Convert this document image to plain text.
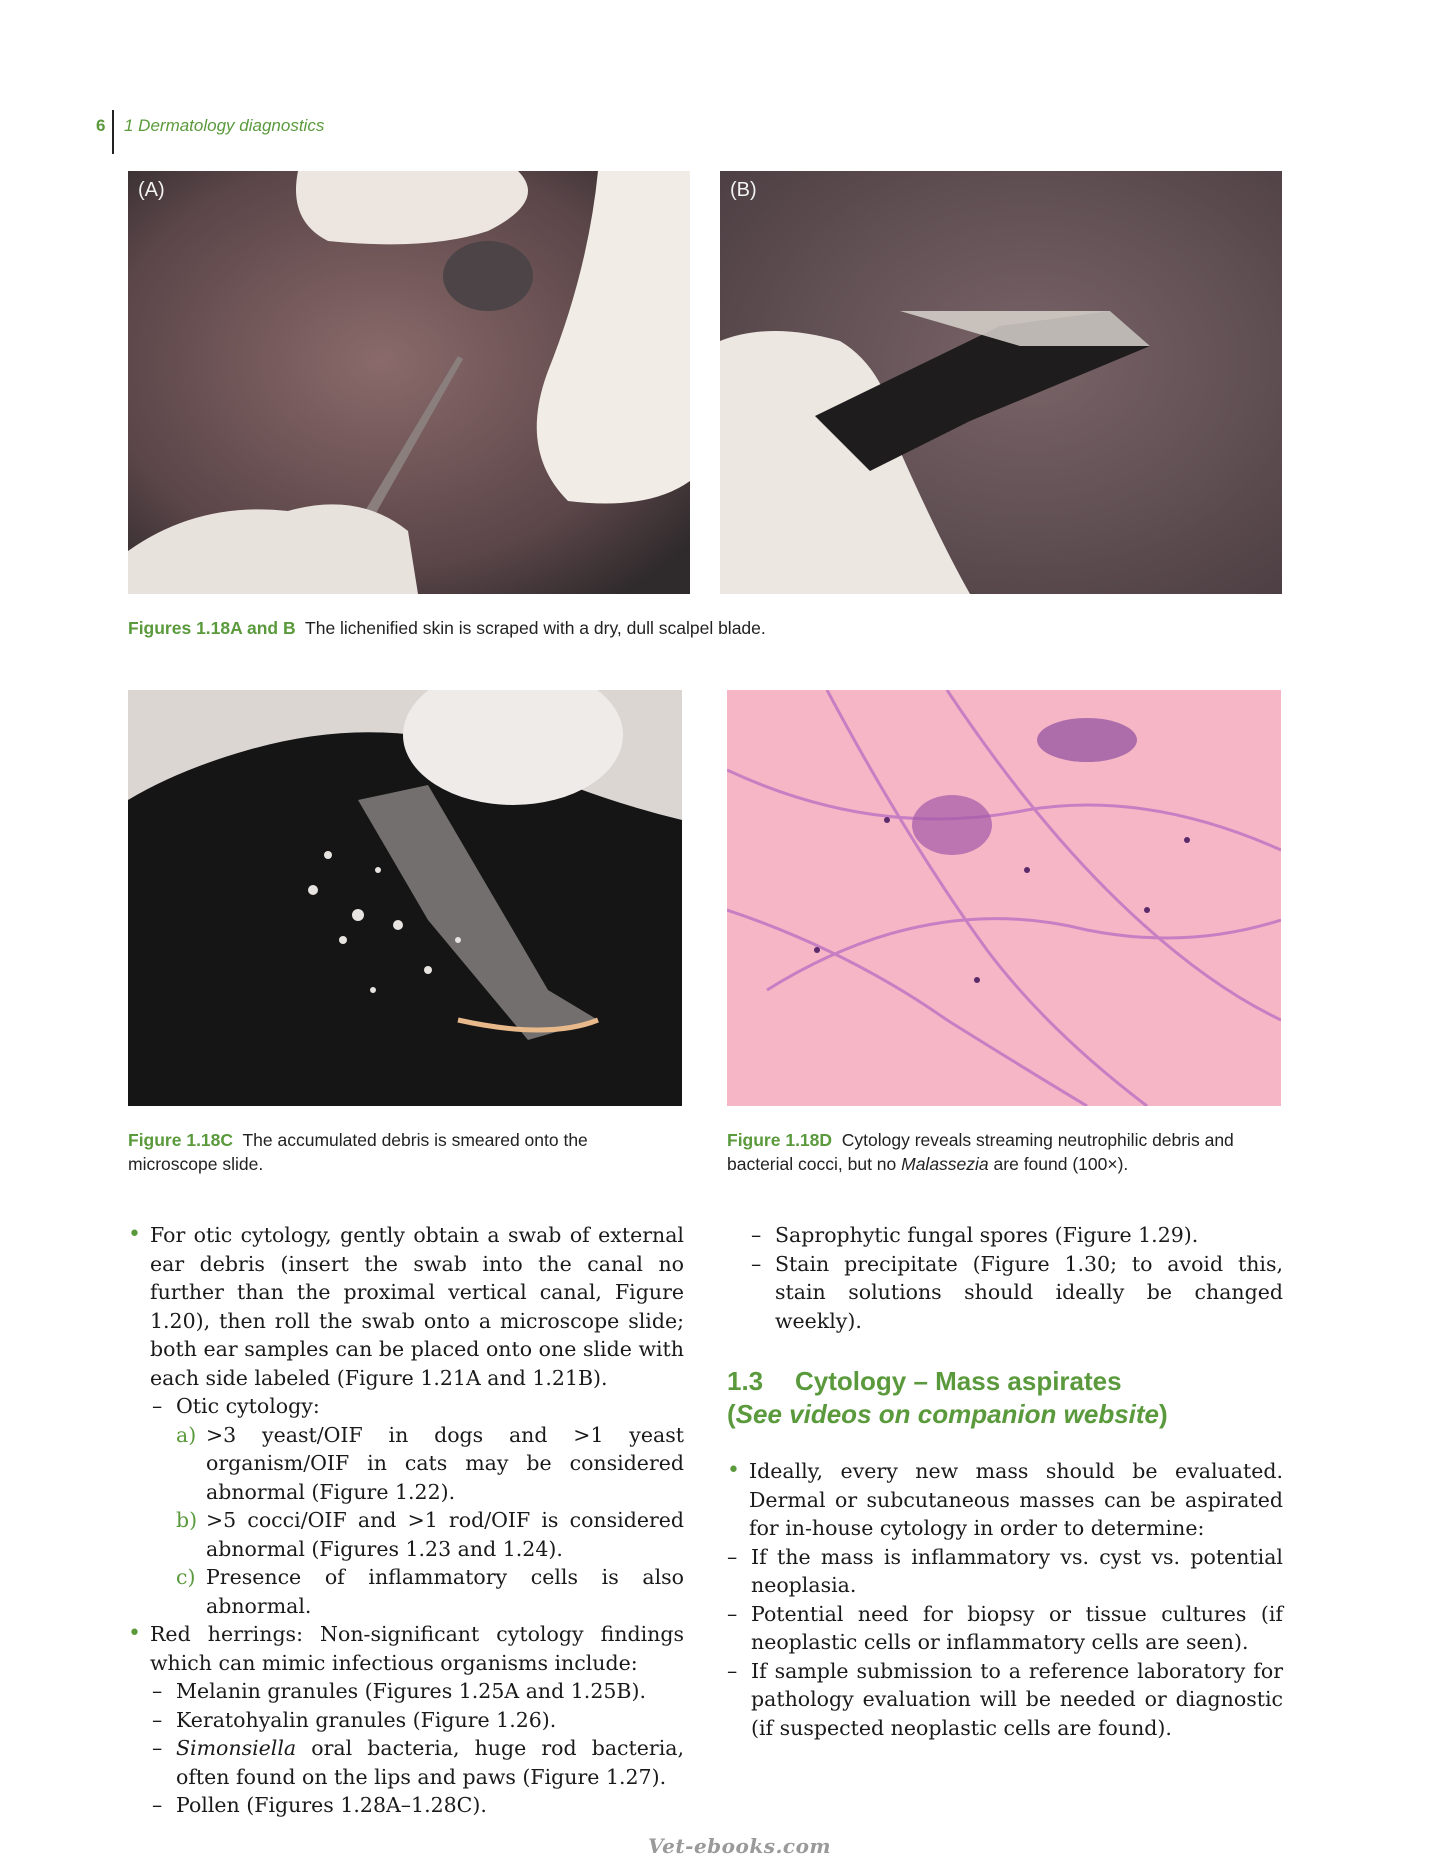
6 1 Dermatology diagnostics
(A)	(B)
Figures 1.18A and B The lichenified skin is scraped with a dry, dull scalpel blade.
Figure 1.18C The accumulated debris is smeared onto the microscope slide.
Figure 1.18D Cytology reveals streaming neutrophilic debris and bacterial cocci, but no Malassezia are found (100×).
• For otic cytology, gently obtain a swab of external ear debris (insert the swab into the canal no further than the proximal vertical canal, Figure 1.20), then roll the swab onto a microscope slide; both ear samples can be placed onto one slide with each side labeled (Figure 1.21A and 1.21B).
– Otic cytology:
a) >3 yeast/OIF in dogs and >1 yeast organism/OIF in cats may be considered abnormal (Figure 1.22).
b) >5 cocci/OIF and >1 rod/OIF is considered abnormal (Figures 1.23 and 1.24).
c) Presence of inflammatory cells is also abnormal.
• Red herrings: Non-significant cytology findings which can mimic infectious organisms include:
– Melanin granules (Figures 1.25A and 1.25B).
– Keratohyalin granules (Figure 1.26).
– Simonsiella oral bacteria, huge rod bacteria, often found on the lips and paws (Figure 1.27).
– Pollen (Figures 1.28A–1.28C).
– Saprophytic fungal spores (Figure 1.29).
– Stain precipitate (Figure 1.30; to avoid this, stain solutions should ideally be changed weekly).
1.3 Cytology – Mass aspirates
(See videos on companion website)
• Ideally, every new mass should be evaluated. Dermal or subcutaneous masses can be aspirated for in-house cytology in order to determine:
– If the mass is inflammatory vs. cyst vs. potential neoplasia.
– Potential need for biopsy or tissue cultures (if neoplastic cells or inflammatory cells are seen).
– If sample submission to a reference laboratory for pathology evaluation will be needed or diagnostic (if suspected neoplastic cells are found).
Vet-ebooks.com
